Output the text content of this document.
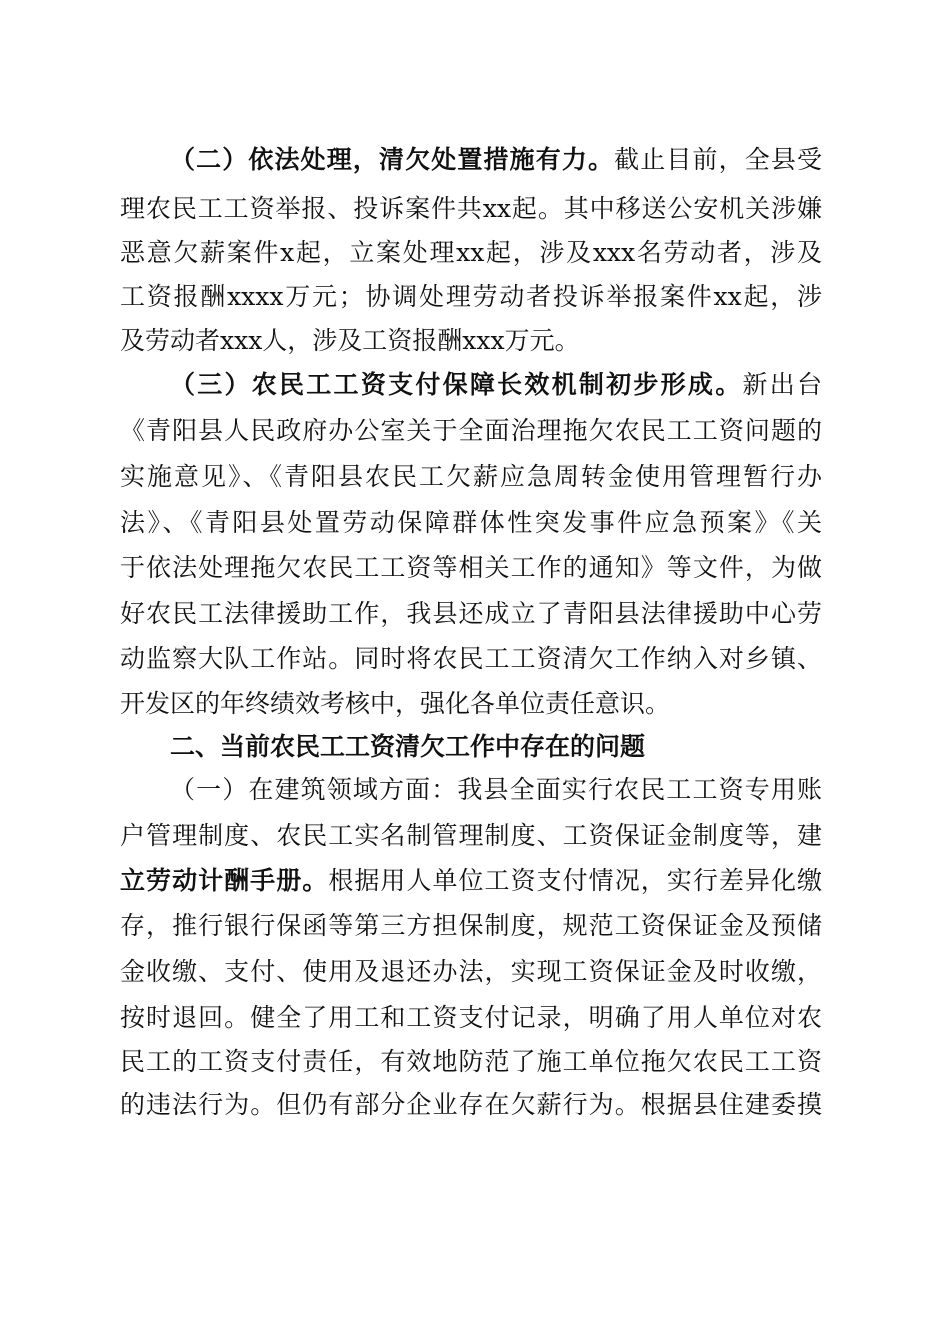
（二）依法处理，清欠处置措施有力。截止目前，全县受
理农民工工资举报、投诉案件共xx起。其中移送公安机关涉嫌
恶意欠薪案件x起，立案处理xx起，涉及xxx名劳动者，涉及
工资报酬xxxx万元；协调处理劳动者投诉举报案件xx起，涉
及劳动者xxx人，涉及工资报酬xxx万元。
（三）农民工工资支付保障长效机制初步形成。新出台
《青阳县人民政府办公室关于全面治理拖欠农民工工资问题的
实施意见》、《青阳县农民工欠薪应急周转金使用管理暂行办
法》、《青阳县处置劳动保障群体性突发事件应急预案》《关
于依法处理拖欠农民工工资等相关工作的通知》等文件，为做
好农民工法律援助工作，我县还成立了青阳县法律援助中心劳
动监察大队工作站。同时将农民工工资清欠工作纳入对乡镇、
开发区的年终绩效考核中，强化各单位责任意识。
二、当前农民工工资清欠工作中存在的问题
（一）在建筑领域方面：我县全面实行农民工工资专用账
户管理制度、农民工实名制管理制度、工资保证金制度等，建
立劳动计酬手册。根据用人单位工资支付情况，实行差异化缴
存，推行银行保函等第三方担保制度，规范工资保证金及预储
金收缴、支付、使用及退还办法，实现工资保证金及时收缴，
按时退回。健全了用工和工资支付记录，明确了用人单位对农
民工的工资支付责任，有效地防范了施工单位拖欠农民工工资
的违法行为。但仍有部分企业存在欠薪行为。根据县住建委摸
